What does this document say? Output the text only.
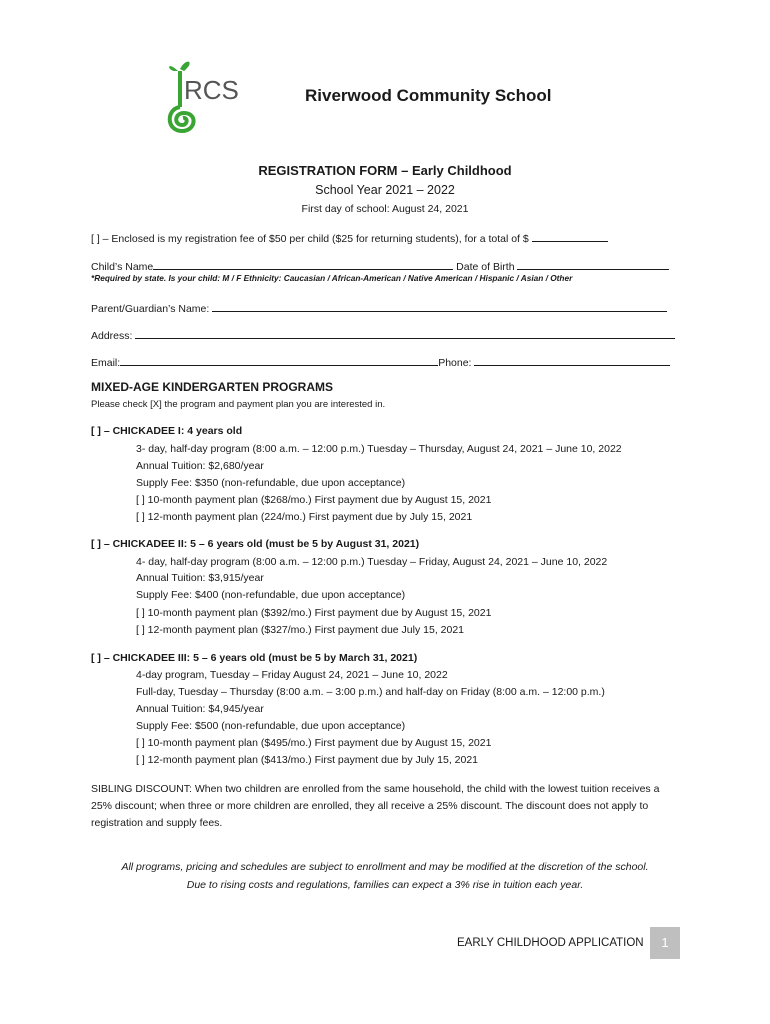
RCS	Riverwood Community School
REGISTRATION FORM – Early Childhood
School Year 2021 – 2022
First day of school: August 24, 2021
[ ] – Enclosed is my registration fee of $50 per child ($25 for returning students), for a total of $
Child’s Name	Date of Birth
*Required by state. Is your child: M / F Ethnicity: Caucasian / African-American / Native American / Hispanic / Asian / Other
Parent/Guardian’s Name:
Address:
Email:	Phone:
MIXED-AGE KINDERGARTEN PROGRAMS
Please check [X] the program and payment plan you are interested in.
[ ] – CHICKADEE I: 4 years old
3- day, half-day program (8:00 a.m. – 12:00 p.m.) Tuesday – Thursday, August 24, 2021 – June 10, 2022
Annual Tuition: $2,680/year
Supply Fee: $350 (non-refundable, due upon acceptance)
[ ] 10-month payment plan ($268/mo.) First payment due by August 15, 2021
[ ] 12-month payment plan (224/mo.) First payment due by July 15, 2021
[ ] – CHICKADEE II: 5 – 6 years old (must be 5 by August 31, 2021)
4- day, half-day program (8:00 a.m. – 12:00 p.m.) Tuesday – Friday, August 24, 2021 – June 10, 2022
Annual Tuition: $3,915/year
Supply Fee: $400 (non-refundable, due upon acceptance)
[ ] 10-month payment plan ($392/mo.) First payment due by August 15, 2021
[ ] 12-month payment plan ($327/mo.) First payment due July 15, 2021
[ ] – CHICKADEE III: 5 – 6 years old (must be 5 by March 31, 2021)
4-day program, Tuesday – Friday August 24, 2021 – June 10, 2022
Full-day, Tuesday – Thursday (8:00 a.m. – 3:00 p.m.) and half-day on Friday (8:00 a.m. – 12:00 p.m.)
Annual Tuition: $4,945/year
Supply Fee: $500 (non-refundable, due upon acceptance)
[ ] 10-month payment plan ($495/mo.) First payment due by August 15, 2021
[ ] 12-month payment plan ($413/mo.) First payment due by July 15, 2021
SIBLING DISCOUNT: When two children are enrolled from the same household, the child with the lowest tuition receives a 25% discount; when three or more children are enrolled, they all receive a 25% discount. The discount does not apply to registration and supply fees.
All programs, pricing and schedules are subject to enrollment and may be modified at the discretion of the school.
Due to rising costs and regulations, families can expect a 3% rise in tuition each year.
EARLY CHILDHOOD APPLICATION	1
